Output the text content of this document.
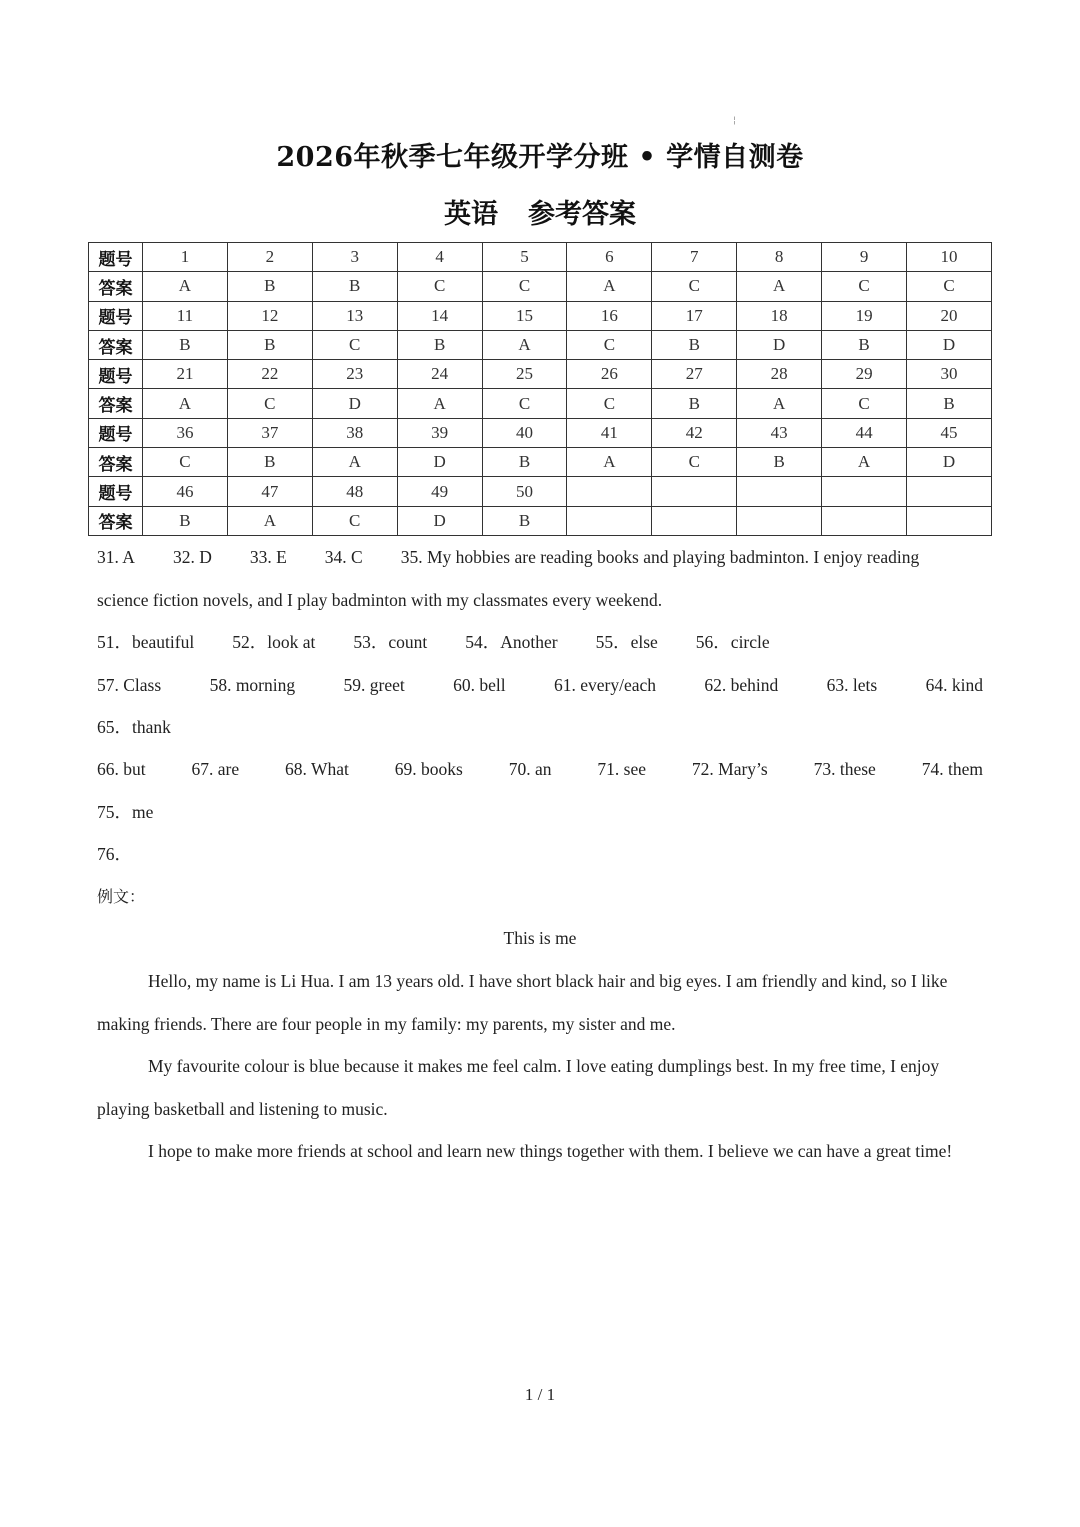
¦
2026年秋季七年级开学分班 • 学情自测卷
英语 参考答案
题号	1	2	3	4	5	6	7	8	9	10
答案	A	B	B	C	C	A	C	A	C	C
题号	11	12	13	14	15	16	17	18	19	20
答案	B	B	C	B	A	C	B	D	B	D
题号	21	22	23	24	25	26	27	28	29	30
答案	A	C	D	A	C	C	B	A	C	B
题号	36	37	38	39	40	41	42	43	44	45
答案	C	B	A	D	B	A	C	B	A	D
题号	46	47	48	49	50					
答案	B	A	C	D	B					
31. A 32. D 33. E 34. C 35. My hobbies are reading books and playing badminton. I enjoy reading
science fiction novels, and I play badminton with my classmates every weekend.
51．beautiful 52．look at 53．count 54．Another 55．else 56．circle
57. Class	58. morning	59. greet	60. bell	61. every/each	62. behind	63. lets	64. kind
65．thank
66. but	67. are	68. What	69. books	70. an	71. see	72. Mary’s	73. these	74. them
75．me
76．
例文：
This is me

Hello, my name is Li Hua. I am 13 years old. I have short black hair and big eyes. I am friendly and kind, so I like making friends. There are four people in my family: my parents, my sister and me.

My favourite colour is blue because it makes me feel calm. I love eating dumplings best. In my free time, I enjoy playing basketball and listening to music.

I hope to make more friends at school and learn new things together with them. I believe we can have a great time!

1 / 1
